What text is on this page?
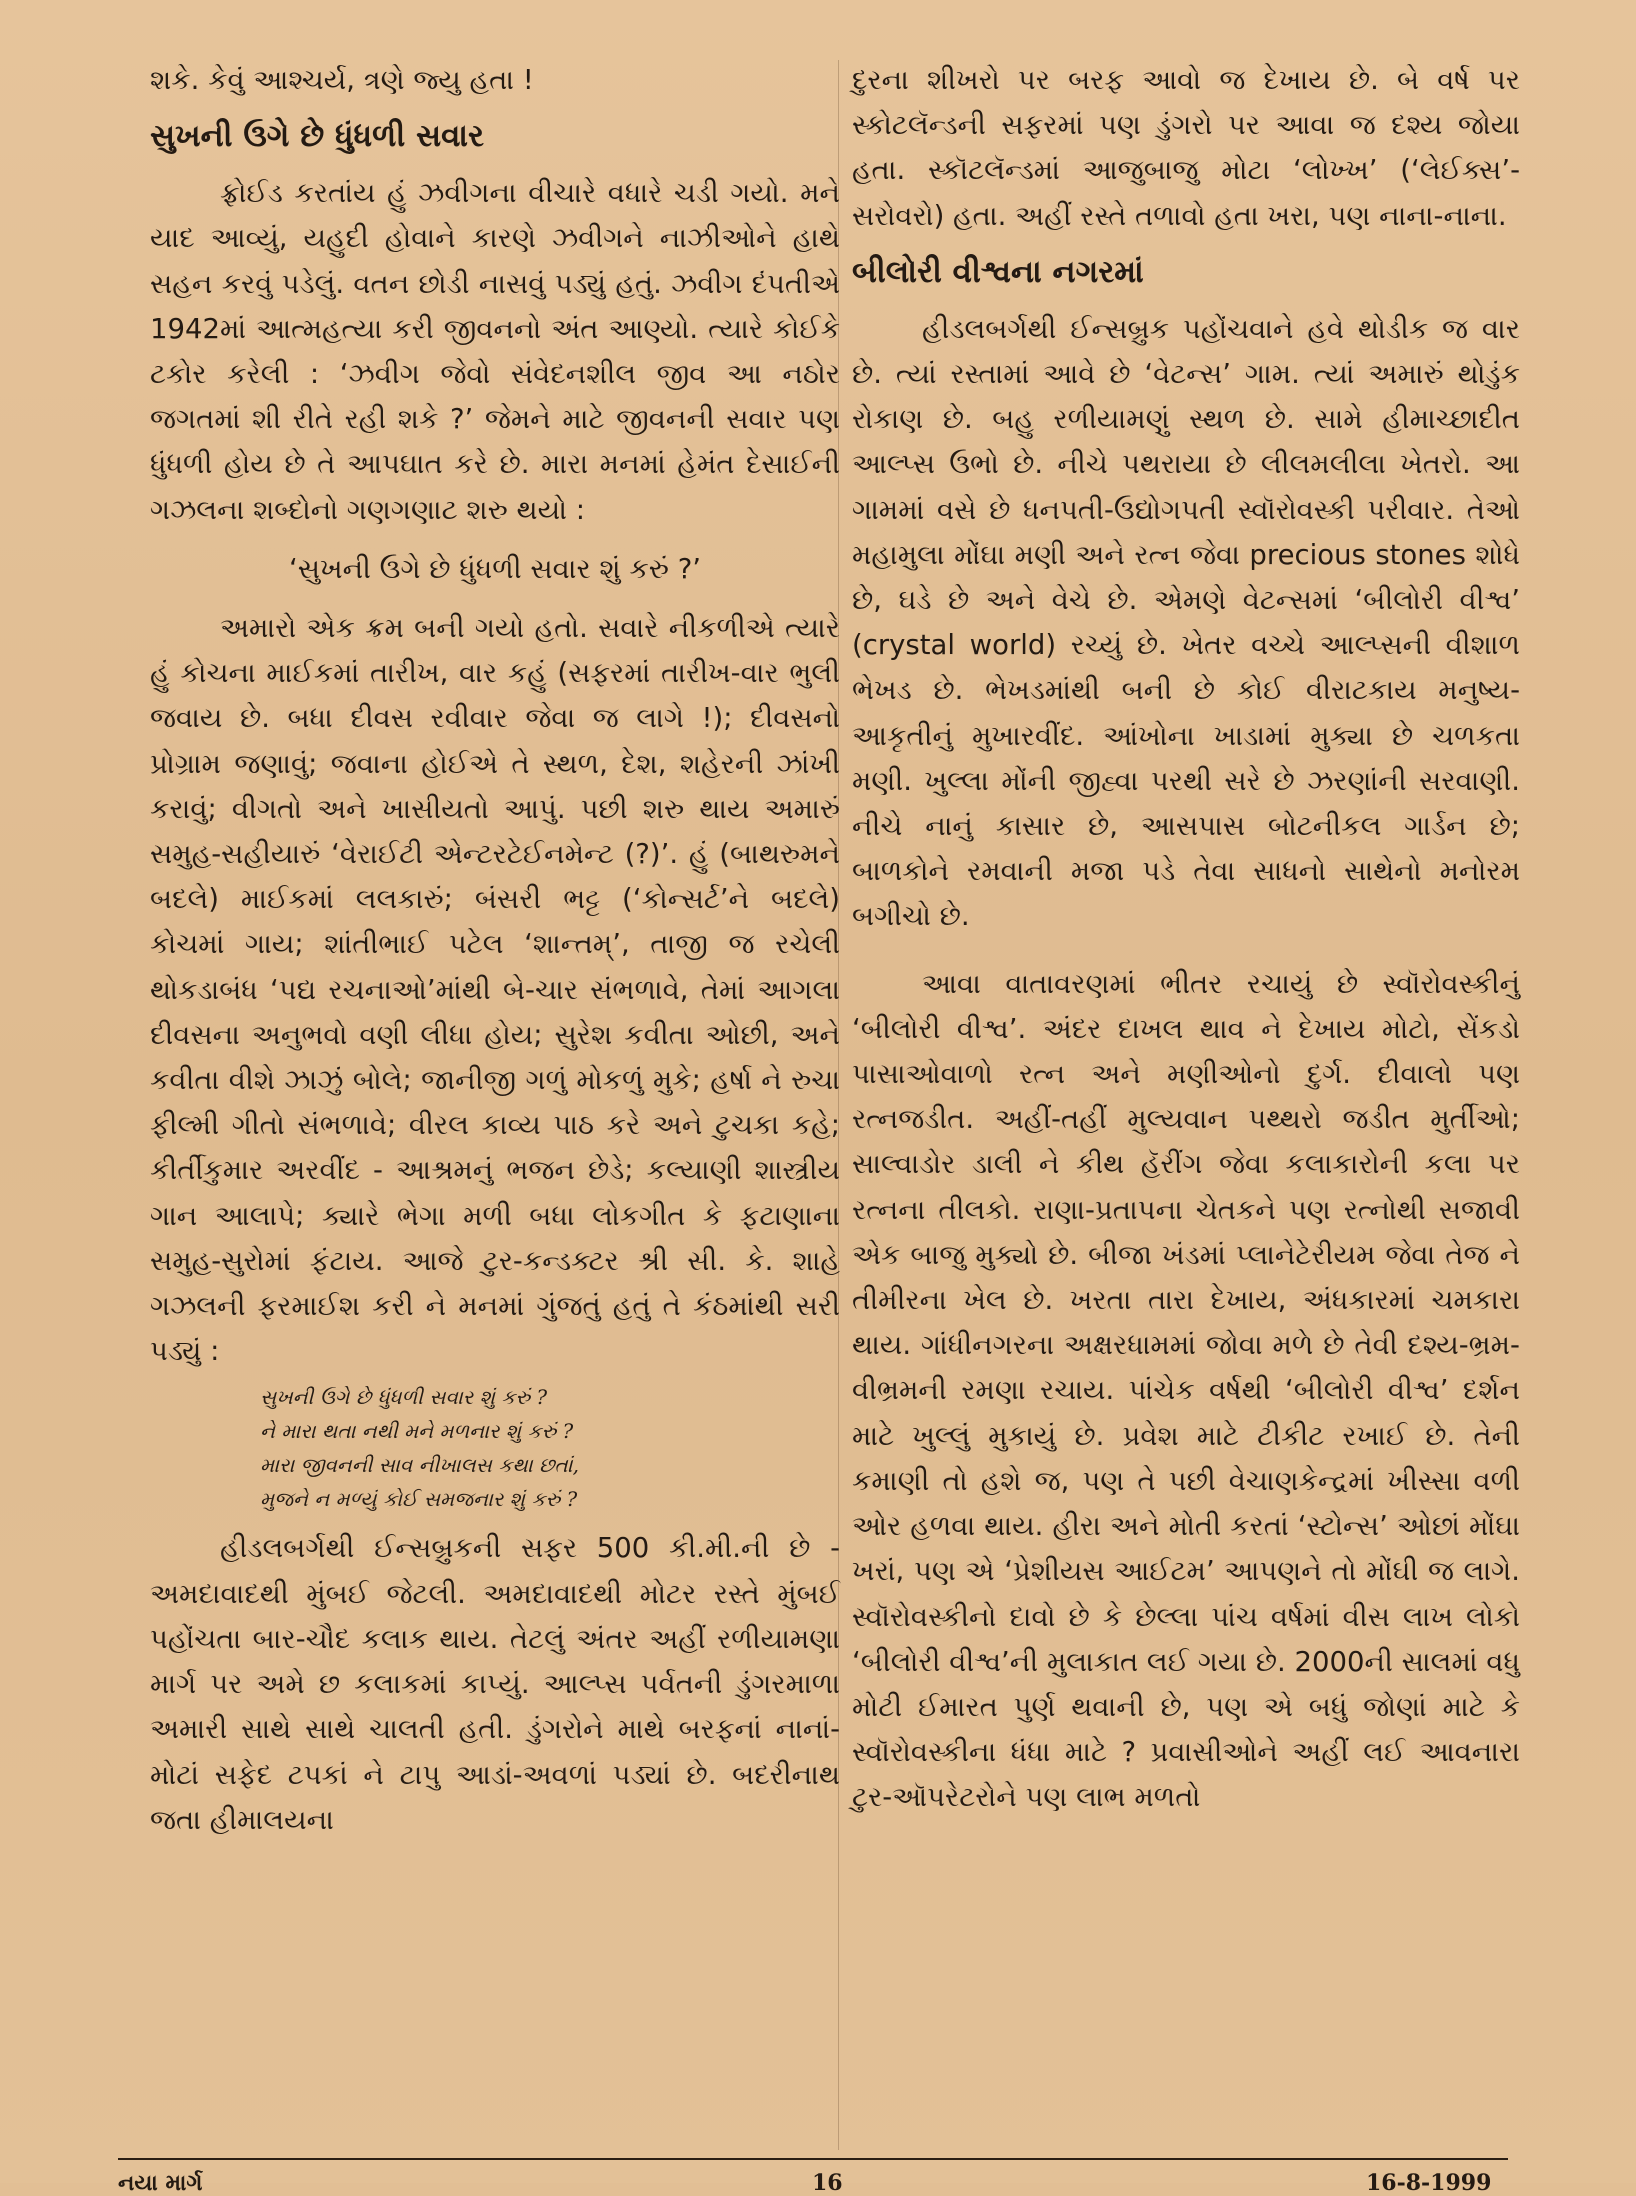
શકે. કેવું આશ્ચર્ય, ત્રણે જ્યુ હતા !

સુખની ઉગે છે ધુંધળી સવાર

ફ્રોઈડ કરતાંય હું ઝવીગના વીચારે વધારે ચડી ગયો. મને યાદ આવ્યું, યહુદી હોવાને કારણે ઝવીગને નાઝીઓને હાથે સહન કરવું પડેલું. વતન છોડી નાસવું પડ્યું હતું. ઝવીગ દંપતીએ 1942માં આત્મહત્યા કરી જીવનનો અંત આણ્યો. ત્યારે કોઈકે ટકોર કરેલી : ‘ઝવીગ જેવો સંવેદનશીલ જીવ આ નઠોર જગતમાં શી રીતે રહી શકે ?’ જેમને માટે જીવનની સવાર પણ ધુંધળી હોય છે તે આપઘાત કરે છે. મારા મનમાં હેમંત દેસાઈની ગઝલના શબ્દોનો ગણગણાટ શરુ થયો :

‘સુખની ઉગે છે ધુંધળી સવાર શું કરું ?’

અમારો એક ક્રમ બની ગયો હતો. સવારે નીકળીએ ત્યારે હું કોચના માઈકમાં તારીખ, વાર કહું (સફરમાં તારીખ-વાર ભુલી જવાય છે. બધા દીવસ રવીવાર જેવા જ લાગે !); દીવસનો પ્રોગ્રામ જણાવું; જવાના હોઈએ તે સ્થળ, દેશ, શહેરની ઝાંખી કરાવું; વીગતો અને ખાસીયતો આપું. પછી શરુ થાય અમારું સમુહ-સહીયારું ‘વેરાઈટી એન્ટરટેઈનમેન્ટ (?)’. હું (બાથરુમને બદલે) માઈકમાં લલકારું; બંસરી ભટ્ટ (‘કોન્સર્ટ’ને બદલે) કોચમાં ગાય; શાંતીભાઈ પટેલ ‘શાન્તમ્’, તાજી જ રચેલી થોકડાબંધ ‘પદ્ય રચનાઓ’માંથી બે-ચાર સંભળાવે, તેમાં આગલા દીવસના અનુભવો વણી લીધા હોય; સુરેશ કવીતા ઓછી, અને કવીતા વીશે ઝાઝું બોલે; જાનીજી ગળું મોકળું મુકે; હર્ષા ને રુચા ફીલ્મી ગીતો સંભળાવે; વીરલ કાવ્ય પાઠ કરે અને ટુચકા કહે; કીર્તીકુમાર અરવીંદ - આશ્રમનું ભજન છેડે; કલ્યાણી શાસ્ત્રીય ગાન આલાપે; ક્યારે ભેગા મળી બધા લોકગીત કે ફટાણાના સમુહ-સુરોમાં ફંટાય. આજે ટુર-કન્ડક્ટર શ્રી સી. કે. શાહે ગઝલની ફરમાઈશ કરી ને મનમાં ગુંજતું હતું તે કંઠમાંથી સરી પડ્યું :

સુખની ઉગે છે ધુંધળી સવાર શું કરું ?
ને મારા થતા નથી મને મળનાર શું કરું ?
મારા જીવનની સાવ નીખાલસ કથા છતાં,
મુજને ન મળ્યું કોઈ સમજનાર શું કરું ?

હીડલબર્ગથી ઈન્સબ્રુકની સફર 500 કી.મી.ની છે - અમદાવાદથી મુંબઈ જેટલી. અમદાવાદથી મોટર રસ્તે મુંબઈ પહોંચતા બાર-ચૌદ કલાક થાય. તેટલું અંતર અહીં રળીયામણા માર્ગ પર અમે છ કલાકમાં કાપ્યું. આલ્પ્સ પર્વતની ડુંગરમાળા અમારી સાથે સાથે ચાલતી હતી. ડુંગરોને માથે બરફનાં નાનાં-મોટાં સફેદ ટપકાં ને ટાપુ આડાં-અવળાં પડ્યાં છે. બદરીનાથ જતા હીમાલયના

દુરના શીખરો પર બરફ આવો જ દેખાય છે. બે વર્ષ પર સ્કોટલૅન્ડની સફરમાં પણ ડુંગરો પર આવા જ દશ્ય જોયા હતા. સ્કૉટલૅન્ડમાં આજુબાજુ મોટા ‘લોખ્ખ’ (‘લેઈક્સ’-સરોવરો) હતા. અહીં રસ્તે તળાવો હતા ખરા, પણ નાના-નાના.

બીલોરી વીશ્વના નગરમાં

હીડલબર્ગથી ઈન્સબ્રુક પહોંચવાને હવે થોડીક જ વાર છે. ત્યાં રસ્તામાં આવે છે ‘વેટન્સ’ ગામ. ત્યાં અમારું થોડુંક રોકાણ છે. બહુ રળીયામણું સ્થળ છે. સામે હીમાચ્છાદીત આલ્પ્સ ઉભો છે. નીચે પથરાયા છે લીલમલીલા ખેતરો. આ ગામમાં વસે છે ધનપતી-ઉદ્યોગપતી સ્વૉરોવસ્કી પરીવાર. તેઓ મહામુલા મોંઘા મણી અને રત્ન જેવા precious stones શોધે છે, ઘડે છે અને વેચે છે. એમણે વેટન્સમાં ‘બીલોરી વીશ્વ’ (crystal world) રચ્યું છે. ખેતર વચ્ચે આલ્પ્સની વીશાળ ભેખડ છે. ભેખડમાંથી બની છે કોઈ વીરાટકાય મનુષ્ય-આકૃતીનું મુખારવીંદ. આંખોના ખાડામાં મુક્યા છે ચળકતા મણી. ખુલ્લા મોંની જીહ્વા પરથી સરે છે ઝરણાંની સરવાણી. નીચે નાનું કાસાર છે, આસપાસ બોટનીકલ ગાર્ડન છે; બાળકોને રમવાની મજા પડે તેવા સાધનો સાથેનો મનોરમ બગીચો છે.

આવા વાતાવરણમાં ભીતર રચાયું છે સ્વૉરોવસ્કીનું ‘બીલોરી વીશ્વ’. અંદર દાખલ થાવ ને દેખાય મોટો, સેંકડો પાસાઓવાળો રત્ન અને મણીઓનો દુર્ગ. દીવાલો પણ રત્નજડીત. અહીં-તહીં મુલ્યવાન પથ્થરો જડીત મુર્તીઓ; સાલ્વાડોર ડાલી ને કીથ હૅરીંગ જેવા કલાકારોની કલા પર રત્નના તીલકો. રાણા-પ્રતાપના ચેતકને પણ રત્નોથી સજાવી એક બાજુ મુક્યો છે. બીજા ખંડમાં પ્લાનેટેરીયમ જેવા તેજ ને તીમીરના ખેલ છે. ખરતા તારા દેખાય, અંધકારમાં ચમકારા થાય. ગાંધીનગરના અક્ષરધામમાં જોવા મળે છે તેવી દશ્ય-ભ્રમ-વીભ્રમની રમણા રચાય. પાંચેક વર્ષથી ‘બીલોરી વીશ્વ’ દર્શન માટે ખુલ્લું મુકાયું છે. પ્રવેશ માટે ટીકીટ રખાઈ છે. તેની કમાણી તો હશે જ, પણ તે પછી વેચાણકેન્દ્રમાં ખીસ્સા વળી ઓર હળવા થાય. હીરા અને મોતી કરતાં ‘સ્ટોન્સ’ ઓછાં મોંઘા ખરાં, પણ એ ‘પ્રેશીયસ આઈટમ’ આપણને તો મોંઘી જ લાગે. સ્વૉરોવસ્કીનો દાવો છે કે છેલ્લા પાંચ વર્ષમાં વીસ લાખ લોકો ‘બીલોરી વીશ્વ’ની મુલાકાત લઈ ગયા છે. 2000ની સાલમાં વધુ મોટી ઈમારત પુર્ણ થવાની છે, પણ એ બધું જોણાં માટે કે સ્વૉરોવસ્કીના ધંધા માટે ? પ્રવાસીઓને અહીં લઈ આવનારા ટુર-ઑપરેટરોને પણ લાભ મળતો

નયા માર્ગ	16	16-8-1999
